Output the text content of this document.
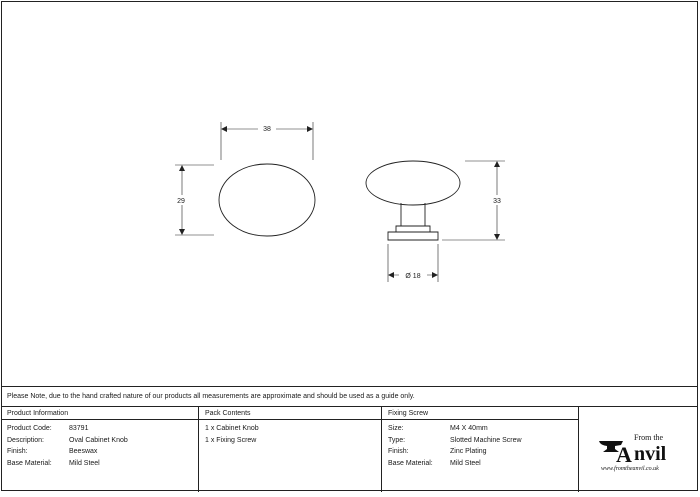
38
29	33
Ø 18
Please Note, due to the hand crafted nature of our products all measurements are approximate and should be used as a guide only.
Product Information
Product Code:	83791
Description:	Oval Cabinet Knob
Finish:	Beeswax
Base Material:	Mild Steel
Pack Contents
1 x Cabinet Knob
1 x Fixing Screw
Fixing Screw
Size:	M4 X 40mm
Type:	Slotted Machine Screw
Finish:	Zinc Plating
Base Material:	Mild Steel
From the
A nvil
www.fromtheanvil.co.uk
